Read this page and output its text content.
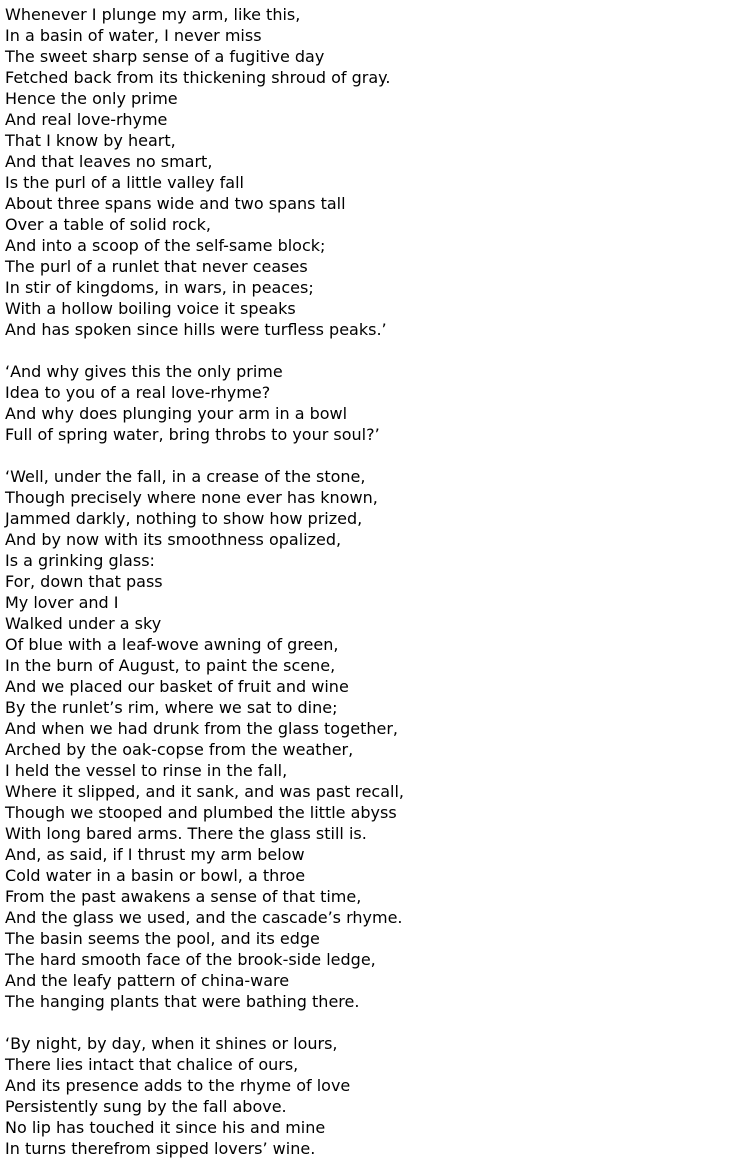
Whenever I plunge my arm, like this,
In a basin of water, I never miss
The sweet sharp sense of a fugitive day
Fetched back from its thickening shroud of gray.
Hence the only prime
And real love-rhyme
That I know by heart,
And that leaves no smart,
Is the purl of a little valley fall
About three spans wide and two spans tall
Over a table of solid rock,
And into a scoop of the self-same block;
The purl of a runlet that never ceases
In stir of kingdoms, in wars, in peaces;
With a hollow boiling voice it speaks
And has spoken since hills were turfless peaks.’
‘And why gives this the only prime
Idea to you of a real love-rhyme?
And why does plunging your arm in a bowl
Full of spring water, bring throbs to your soul?’
‘Well, under the fall, in a crease of the stone,
Though precisely where none ever has known,
Jammed darkly, nothing to show how prized,
And by now with its smoothness opalized,
Is a grinking glass:
For, down that pass
My lover and I
Walked under a sky
Of blue with a leaf-wove awning of green,
In the burn of August, to paint the scene,
And we placed our basket of fruit and wine
By the runlet’s rim, where we sat to dine;
And when we had drunk from the glass together,
Arched by the oak-copse from the weather,
I held the vessel to rinse in the fall,
Where it slipped, and it sank, and was past recall,
Though we stooped and plumbed the little abyss
With long bared arms. There the glass still is.
And, as said, if I thrust my arm below
Cold water in a basin or bowl, a throe
From the past awakens a sense of that time,
And the glass we used, and the cascade’s rhyme.
The basin seems the pool, and its edge
The hard smooth face of the brook-side ledge,
And the leafy pattern of china-ware
The hanging plants that were bathing there.
‘By night, by day, when it shines or lours,
There lies intact that chalice of ours,
And its presence adds to the rhyme of love
Persistently sung by the fall above.
No lip has touched it since his and mine
In turns therefrom sipped lovers’ wine.
